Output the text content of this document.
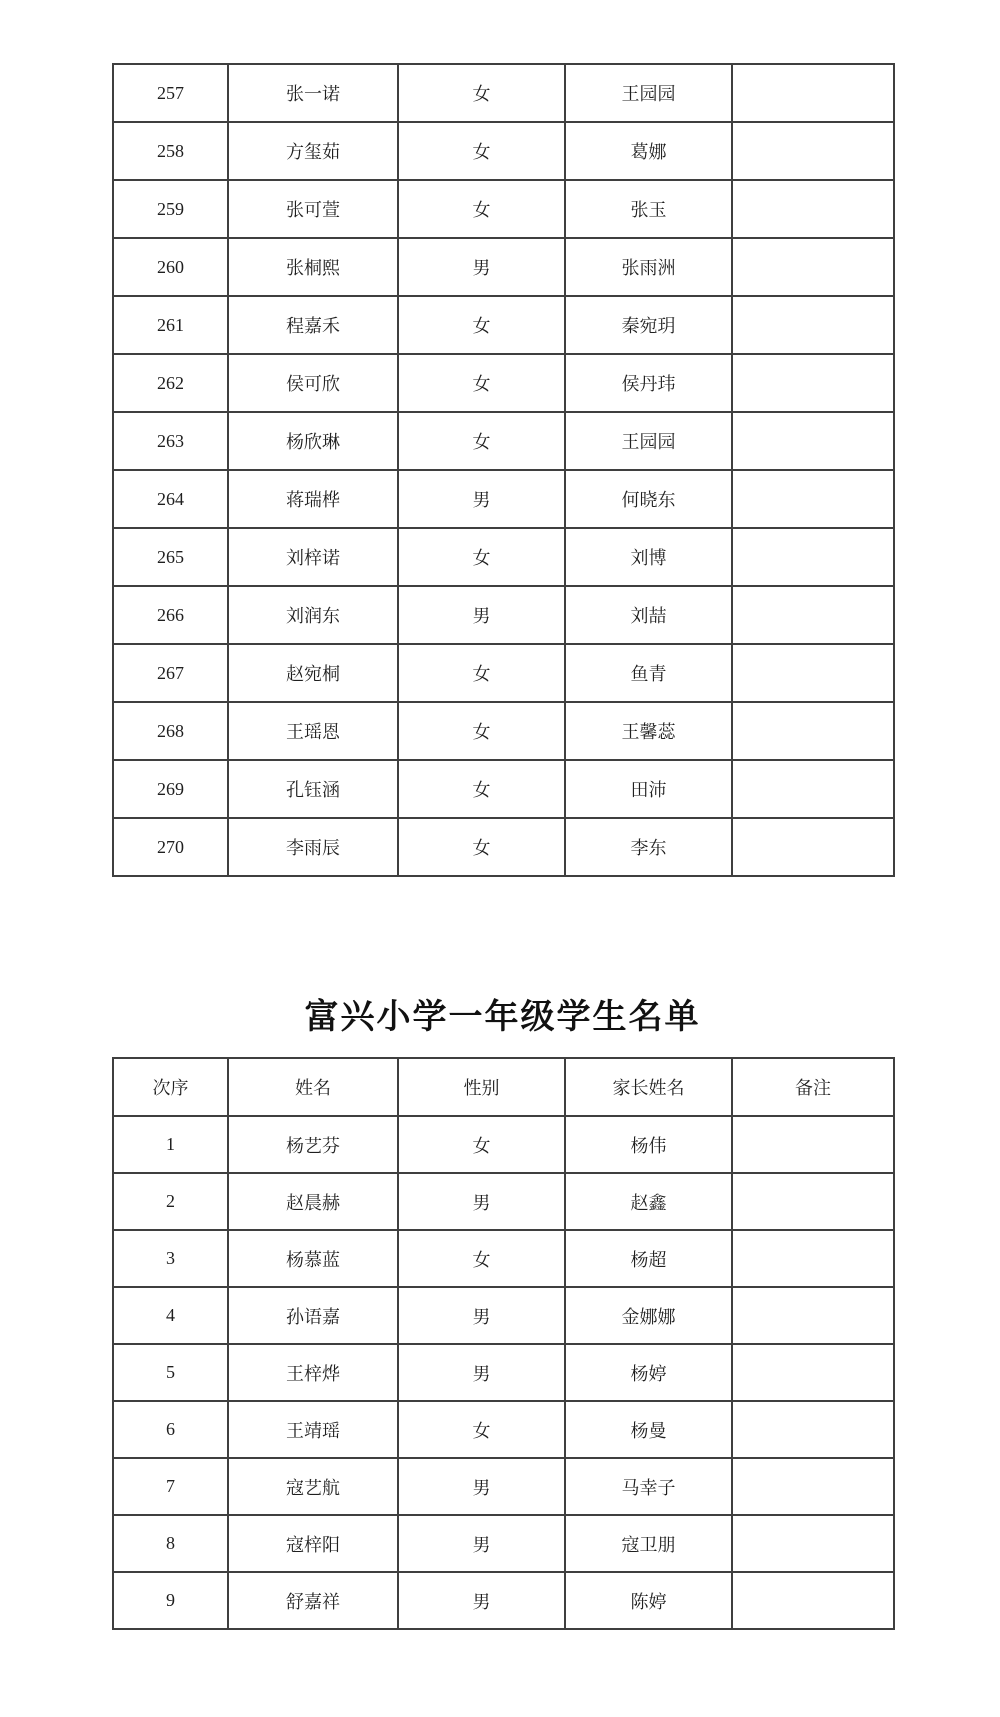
257	张一诺	女	王园园	
258	方玺茹	女	葛娜	
259	张可萱	女	张玉	
260	张桐熙	男	张雨洲	
261	程嘉禾	女	秦宛玥	
262	侯可欣	女	侯丹玮	
263	杨欣琳	女	王园园	
264	蒋瑞桦	男	何晓东	
265	刘梓诺	女	刘博	
266	刘润东	男	刘喆	
267	赵宛桐	女	鱼青	
268	王瑶恩	女	王馨蕊	
269	孔钰涵	女	田沛	
270	李雨辰	女	李东	
富兴小学一年级学生名单
次序	姓名	性别	家长姓名	备注
1	杨艺芬	女	杨伟	
2	赵晨赫	男	赵鑫	
3	杨慕蓝	女	杨超	
4	孙语嘉	男	金娜娜	
5	王梓烨	男	杨婷	
6	王靖瑶	女	杨曼	
7	寇艺航	男	马幸子	
8	寇梓阳	男	寇卫朋	
9	舒嘉祥	男	陈婷	
